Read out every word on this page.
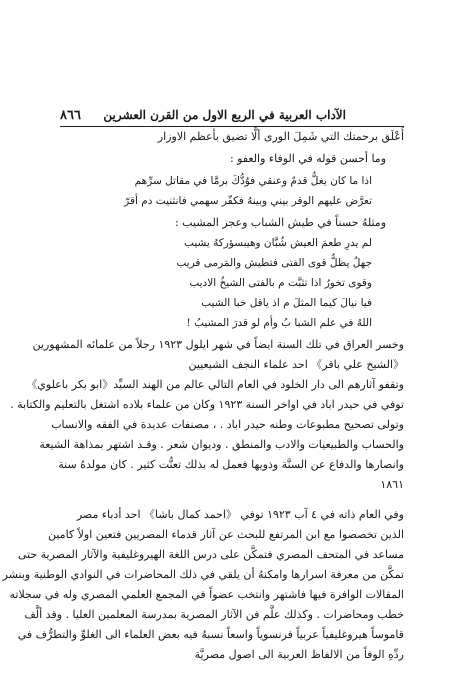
الآداب العربية في الربع الاول من القرن العشرين
٨٦٦
أَعْلَق برحمتك التي شَمِلَ الورى ألَّا تضيق بأعظم الاوزار
وما أحسن قوله في الوفاء والعفو :
اذا ما كان يغلُّ قدمٌ وعنقي فوُدُّكَ برمَّا في مقاتل سرِّهم
تعرَّض عليهم الوقر بيني وبينهُ فكفّر سهمي فانثنيت دم أقرّ
ومثلهُ حسناً في طيش الشباب وعجز المشيب :
لم يدرِ طعمَ العيش شُبَّان وهيبسؤركهُ يشيب
جهلٌ يظلُّ قوى الفتى فتطيش والمَرمى قريب
وقوى تخورُ اذا تثبَّت م بالفتى الشيخُ الاديب
فيا نيالَ كيما المثلَ م اذ ياقل خبا الشيب
اللهُ في علم الشبا بُ وأم لو قدرَ المشيبُ !
وخسر العراق في تلك السنة ايضاً في شهر ايلول ١٩٢٣ رجلاً من علمائه المشهورين
《الشيخ علي باقر》 احد علماء النجف الشيعيين
وتقفو آثارهم الى دار الخلود في العام التالي عالم من الهند السيِّد《ابو بكر باعلوي》
توفي في حيدر اباد في اواخر السنة ١٩٢٣ وكان من علماء بلاده اشتغل بالتعليم والكتابة .
وتولى تصحيح مطبوعات وطنه حيدر اباد . ، مصنفات عديدة في الفقه والانساب
والحساب والطبيعيات والادب والمنطق . وديوان شعر . وقـد اشتهر بمذاهة الشيعة
وانصارها والدفاع عن السنَّة وذويها فعمل له بذلك تعنُّت كثير . كان مولدهُ سنة
١٨٦١
وفي العام ذاته في ٤ آب ١٩٢٣ توفي 《احمد كمال باشا》 احد أدباء مصر
الذين تخصصوا مع ابن المرتفع للبحث عن آثار قدماء المصريين فتعين اولاً كامين
مساعد في المتحف المصري فتمكَّن على درس اللغة الهيروغليفية والآثار المصرية حتى
تمكَّن من معرفة اسرارها وامكنهُ أن يلقي في ذلك المحاضرات في النوادي الوطنية وبنشر
المقالات الوافرة فيها فاشتهر وانتخب عضواً في المجمع العلمي المصري وله في سجلاته
خطب ومحاضرات . وكذلك علَّم فن الآثار المصرية بمدرسة المعلمين العليا . وقد ألَّف
قاموساً هيروغليفياً عربياً فرنسوياً واسعاً نسبهُ فيه بعض العلماء الى الغلوِّ والتطرُّف في
ردِّهِ الوفاً من الالفاظ العربية الى اصول مصريَّة
